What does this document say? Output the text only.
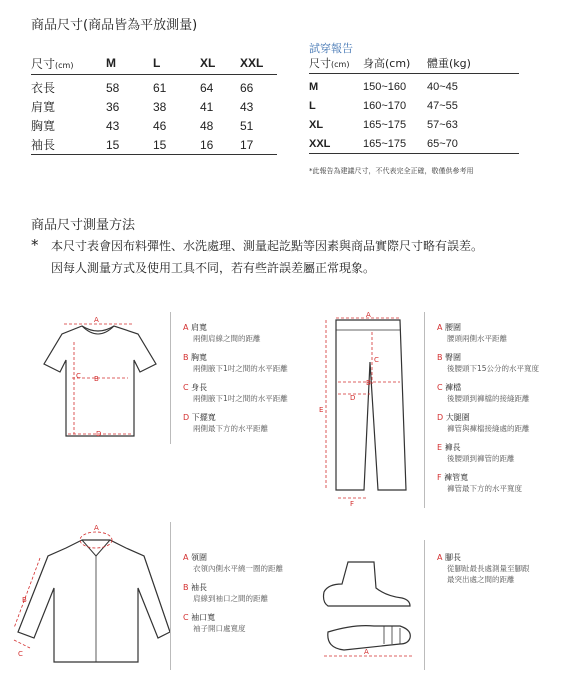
商品尺寸(商品皆為平放測量)
尺寸(cm)	M	L	XL	XXL
衣長	58	61	64	66
肩寬	36	38	41	43
胸寬	43	46	48	51
袖長	15	15	16	17
試穿報告
尺寸(cm)	身高(cm)	體重(kg)
M	150~160	40~45
L	160~170	47~55
XL	165~175	57~63
XXL	165~175	65~70
*此報告為建議尺寸，不代表完全正確，敬僅供參考用
商品尺寸測量方法
* 本尺寸表會因布料彈性、水洗處理、測量起訖點等因素與商品實際尺寸略有誤差。
因每人測量方式及使用工具不同，若有些許誤差屬正常現象。
A
B
C
D
A 肩寬
兩側肩線之間的距離
B 胸寬
兩側腋下1吋之間的水平距離
C 身長
兩側腋下1吋之間的水平距離
D 下擺寬
兩側最下方的水平距離
A
B
C
D
E
F
A 腰圍
腰頭兩側水平距離
B 臀圍
後腰頭下15公分的水平寬度
C 褲檔
後腰頭到褲檔的接縫距離
D 大腿圍
褲管與褲檔接縫處的距離
E 褲長
後腰頭到褲管的距離
F 褲管寬
褲管最下方的水平寬度
A
B
C
A 領圍
衣領內側水平繞一圈的距離
B 袖長
肩線到袖口之間的距離
C 袖口寬
袖子開口處寬度
A
A 腳長
從腳趾最長處測量至腳跟
最突出處之間的距離
